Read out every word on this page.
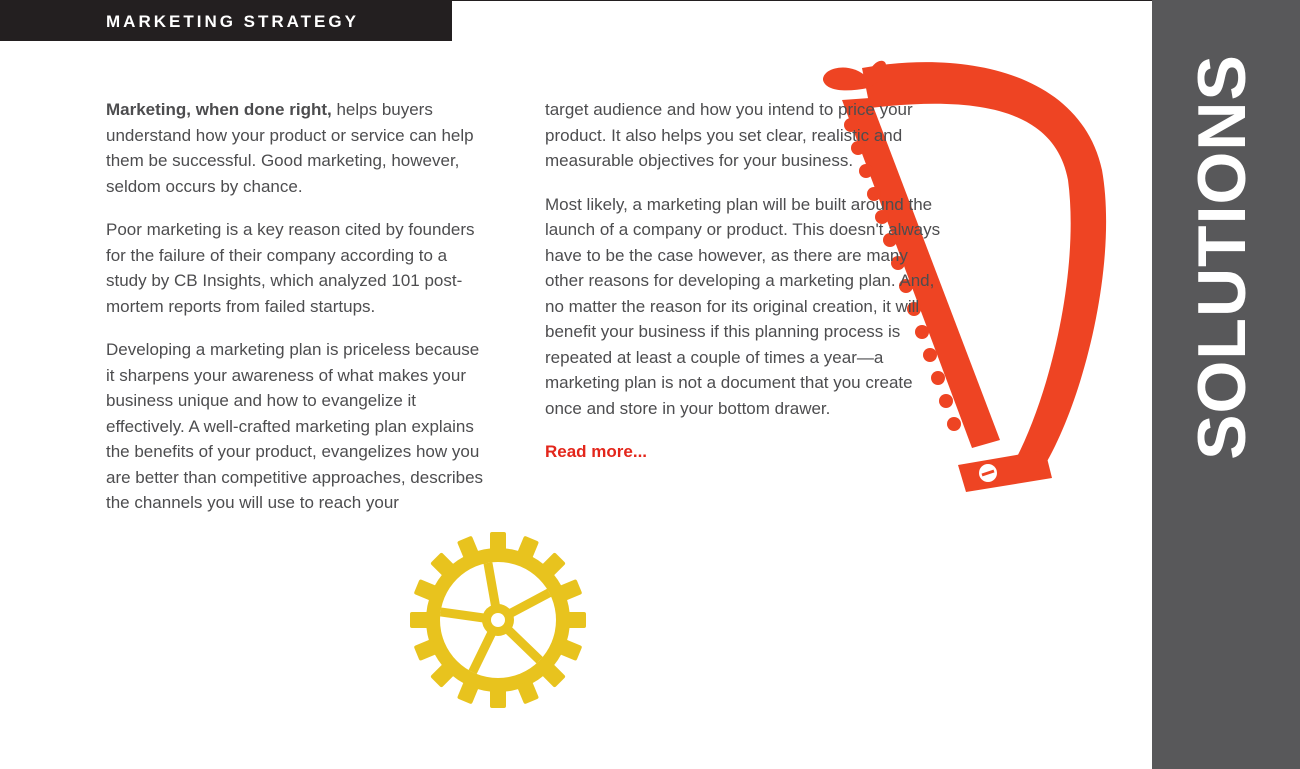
MARKETING STRATEGY
SOLUTIONS

Marketing, when done right, helps buyers understand how your product or service can help them be successful. Good marketing, however, seldom occurs by chance.

Poor marketing is a key reason cited by founders for the failure of their company according to a study by CB Insights, which analyzed 101 post-mortem reports from failed startups.

Developing a marketing plan is priceless because it sharpens your awareness of what makes your business unique and how to evangelize it effectively. A well-crafted marketing plan explains the benefits of your product, evangelizes how you are better than competitive approaches, describes the channels you will use to reach your

target audience and how you intend to price your product. It also helps you set clear, realistic and measurable objectives for your business.

Most likely, a marketing plan will be built around the launch of a company or product. This doesn't always have to be the case however, as there are many other reasons for developing a marketing plan. And, no matter the reason for its original creation, it will benefit your business if this planning process is repeated at least a couple of times a year—a marketing plan is not a document that you create once and store in your bottom drawer.

Read more...
